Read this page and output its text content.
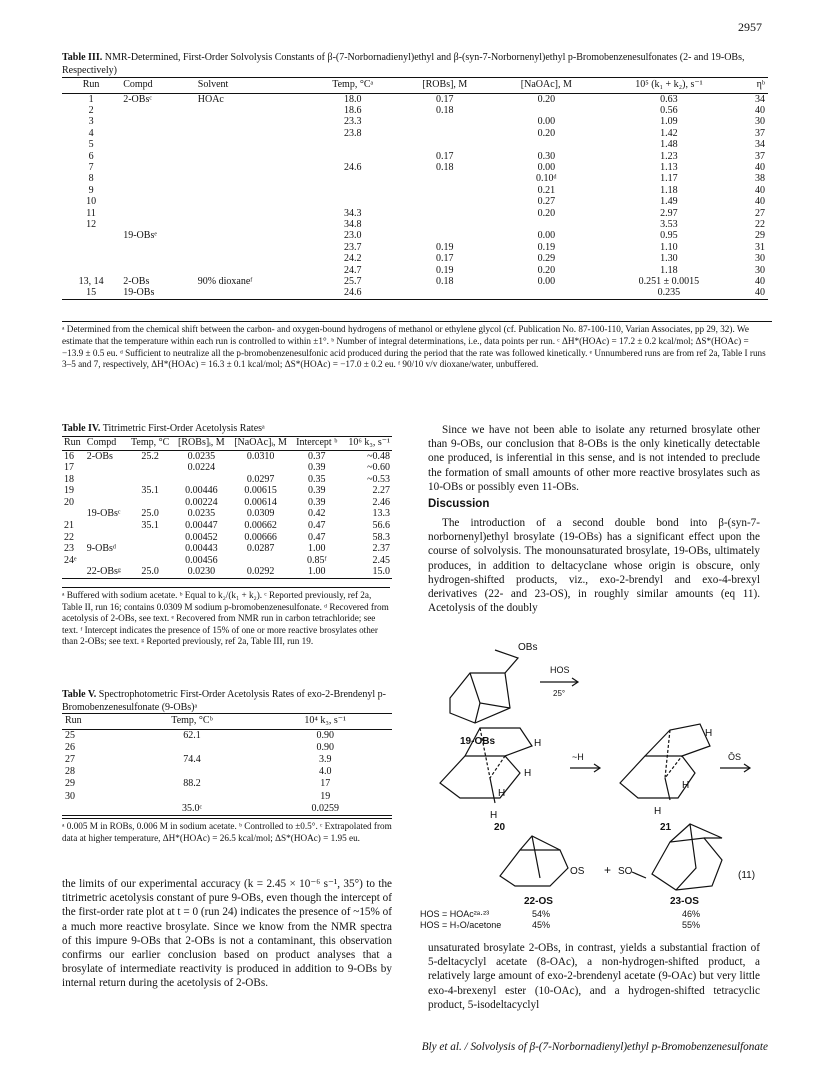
2957
Table III. NMR-Determined, First-Order Solvolysis Constants of β-(7-Norbornadienyl)ethyl and β-(syn-7-Norbornenyl)ethyl p-Bromobenzenesulfonates (2- and 19-OBs, Respectively)
Run	Compd	Solvent	Temp, °Cᵃ	[ROBs], M	[NaOAc], M	10⁵ (k₁ + k₂), s⁻¹	ηᵇ
1	2-OBsᶜ	HOAc	18.0	0.17	0.20	0.63	34
2			18.6	0.18		0.56	40
3			23.3		0.00	1.09	30
4			23.8		0.20	1.42	37
5						1.48	34
6				0.17	0.30	1.23	37
7			24.6	0.18	0.00	1.13	40
8					0.10ᵈ	1.17	38
9					0.21	1.18	40
10					0.27	1.49	40
11			34.3		0.20	2.97	27
12			34.8			3.53	22
	19-OBsᵉ		23.0		0.00	0.95	29
			23.7	0.19	0.19	1.10	31
			24.2	0.17	0.29	1.30	30
			24.7	0.19	0.20	1.18	30
13, 14	2-OBs	90% dioxaneᶠ	25.7	0.18	0.00	0.251 ± 0.0015	40
15	19-OBs		24.6			0.235	40
ᵃ Determined from the chemical shift between the carbon- and oxygen-bound hydrogens of methanol or ethylene glycol (cf. Publication No. 87-100-110, Varian Associates, pp 29, 32). We estimate that the temperature within each run is controlled to within ±1°. ᵇ Number of integral determinations, i.e., data points per run. ᶜ ΔH*(HOAc) = 17.2 ± 0.2 kcal/mol; ΔS*(HOAc) = −13.9 ± 0.5 eu. ᵈ Sufficient to neutralize all the p-bromobenzenesulfonic acid produced during the period that the rate was followed kinetically. ᵉ Unnumbered runs are from ref 2a, Table I runs 3–5 and 7, respectively, ΔH*(HOAc) = 16.3 ± 0.1 kcal/mol; ΔS*(HOAc) = −17.0 ± 0.2 eu. ᶠ 90/10 v/v dioxane/water, unbuffered.
Table IV. Titrimetric First-Order Acetolysis Ratesᵃ
Run	Compd	Temp, °C	[ROBs]ᵢ, M	[NaOAc]ᵢ, M	Intercept ᵇ	10⁶ k₃, s⁻¹
16	2-OBs	25.2	0.0235	0.0310	0.37	~0.48
17			0.0224		0.39	~0.60
18				0.0297	0.35	~0.53
19		35.1	0.00446	0.00615	0.39	2.27
20			0.00224	0.00614	0.39	2.46
	19-OBsᶜ	25.0	0.0235	0.0309	0.42	13.3
21		35.1	0.00447	0.00662	0.47	56.6
22			0.00452	0.00666	0.47	58.3
23	9-OBsᵈ		0.00443	0.0287	1.00	2.37
24ᵉ			0.00456		0.85ᶠ	2.45
	22-OBsᵍ	25.0	0.0230	0.0292	1.00	15.0
ᵃ Buffered with sodium acetate. ᵇ Equal to k₂/(k₁ + k₂). ᶜ Reported previously, ref 2a, Table II, run 16; contains 0.0309 M sodium p-bromobenzenesulfonate. ᵈ Recovered from acetolysis of 2-OBs, see text. ᵉ Recovered from NMR run in carbon tetrachloride; see text. ᶠ Intercept indicates the presence of 15% of one or more reactive brosylates other than 2-OBs; see text. ᵍ Reported previously, ref 2a, Table III, run 19.
Table V. Spectrophotometric First-Order Acetolysis Rates of exo-2-Brendenyl p-Bromobenzenesulfonate (9-OBs)ᵃ
Run	Temp, °Cᵇ	10⁴ k₃, s⁻¹
25	62.1	0.90
26		0.90
27	74.4	3.9
28		4.0
29	88.2	17
30		19
	35.0ᶜ	0.0259
ᵃ 0.005 M in ROBs, 0.006 M in sodium acetate. ᵇ Controlled to ±0.5°. ᶜ Extrapolated from data at higher temperature, ΔH*(HOAc) = 26.5 kcal/mol; ΔS*(HOAc) = 1.95 eu.
the limits of our experimental accuracy (k = 2.45 × 10⁻⁶ s⁻¹, 35°) to the titrimetric acetolysis constant of pure 9-OBs, even though the intercept of the first-order rate plot at t = 0 (run 24) indicates the presence of ~15% of a much more reactive brosylate. Since we know from the NMR spectra of this impure 9-OBs that 2-OBs is not a contaminant, this observation confirms our earlier conclusion based on product analyses that a brosylate of intermediate reactivity is produced in addition to 9-OBs by internal return during the acetolysis of 2-OBs.
Since we have not been able to isolate any returned brosylate other than 9-OBs, our conclusion that 8-OBs is the only kinetically detectable one produced, is inferential in this sense, and is not intended to preclude the formation of small amounts of other more reactive brosylates such as 10-OBs or possibly even 11-OBs.
Discussion
The introduction of a second double bond into β-(syn-7-norbornenyl)ethyl brosylate (19-OBs) has a significant effect upon the course of solvolysis. The monounsaturated brosylate, 19-OBs, ultimately produces, in addition to deltacyclane whose origin is obscure, only hydrogen-shifted products, viz., exo-2-brendyl and exo-4-brexyl derivatives (22- and 23-OS), in roughly similar amounts (eq 11). Acetolysis of the doubly
OBs
HOS
25°
19-OBs	H
H
H
H
~H
20
H
H
H
ŌS
21
OS + SO	(11)
22-OS	23-OS
HOS = HOAc²ᵃ·²³	54%	46%
HOS = H₂O/acetone	45%	55%
unsaturated brosylate 2-OBs, in contrast, yields a substantial fraction of 5-deltacyclyl acetate (8-OAc), a non-hydrogen-shifted product, a relatively large amount of exo-2-brendenyl acetate (9-OAc) but very little exo-4-brexenyl ester (10-OAc), and a hydrogen-shifted tetracyclic product, 5-isodeltacyclyl
Bly et al. / Solvolysis of β-(7-Norbornadienyl)ethyl p-Bromobenzenesulfonate
